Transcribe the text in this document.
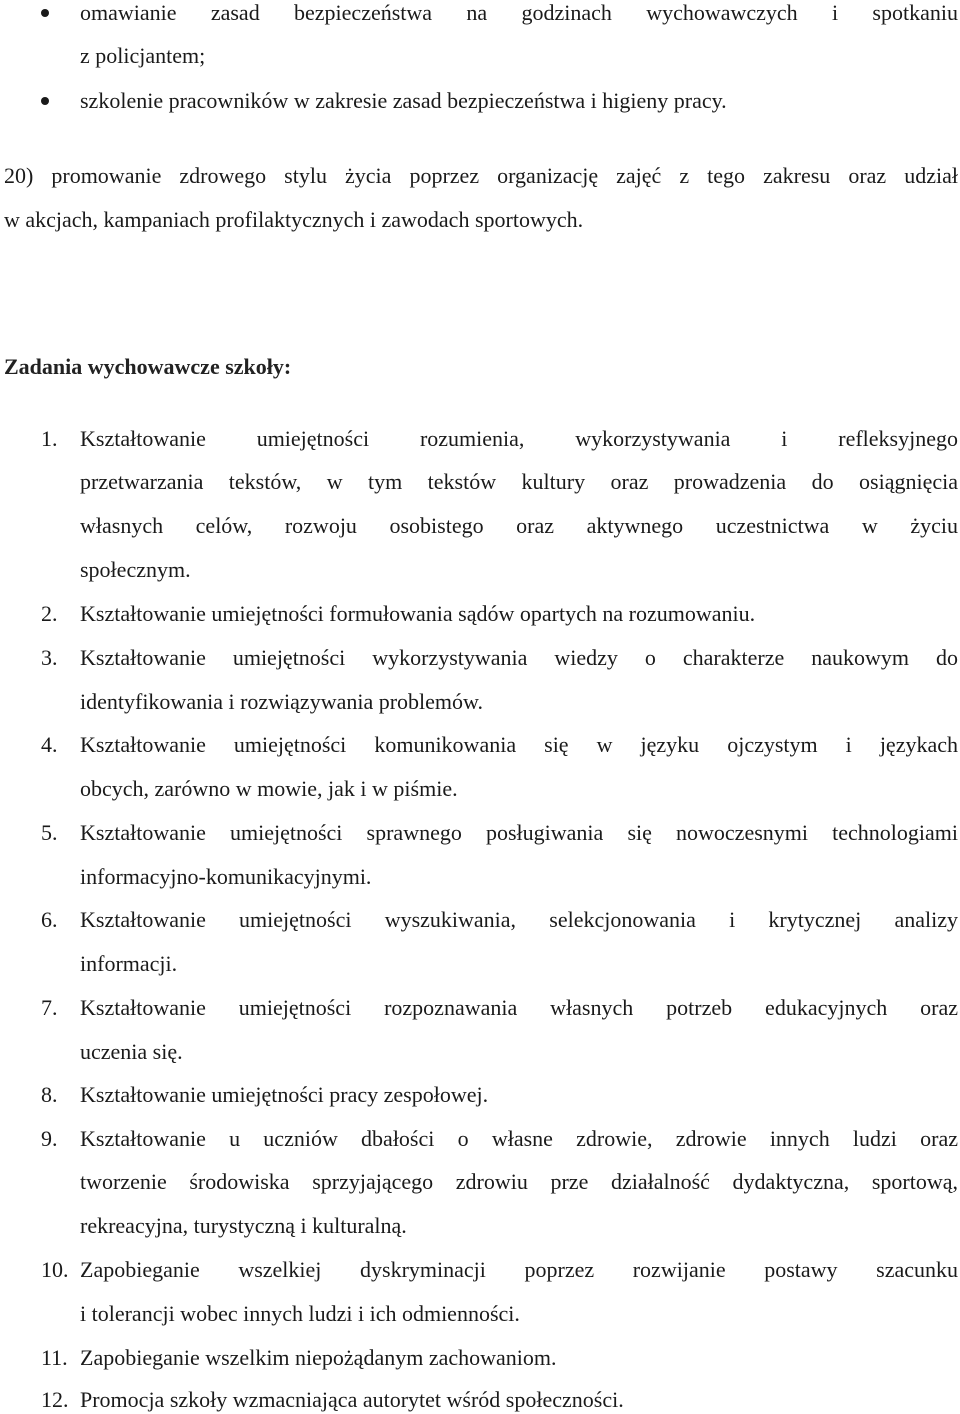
omawianie zasad bezpieczeństwa na godzinach wychowawczych i spotkaniu
z policjantem;
szkolenie pracowników w zakresie zasad bezpieczeństwa i higieny pracy.
20) promowanie zdrowego stylu życia poprzez organizację zajęć z tego zakresu oraz udział
w akcjach, kampaniach profilaktycznych i zawodach sportowych.
Zadania wychowawcze szkoły:
1. Kształtowanie umiejętności rozumienia, wykorzystywania i refleksyjnego
przetwarzania tekstów, w tym tekstów kultury oraz prowadzenia do osiągnięcia
własnych celów, rozwoju osobistego oraz aktywnego uczestnictwa w życiu
społecznym.
2. Kształtowanie umiejętności formułowania sądów opartych na rozumowaniu.
3. Kształtowanie umiejętności wykorzystywania wiedzy o charakterze naukowym do
identyfikowania i rozwiązywania problemów.
4. Kształtowanie umiejętności komunikowania się w języku ojczystym i językach
obcych, zarówno w mowie, jak i w piśmie.
5. Kształtowanie umiejętności sprawnego posługiwania się nowoczesnymi technologiami
informacyjno-komunikacyjnymi.
6. Kształtowanie umiejętności wyszukiwania, selekcjonowania i krytycznej analizy
informacji.
7. Kształtowanie umiejętności rozpoznawania własnych potrzeb edukacyjnych oraz
uczenia się.
8. Kształtowanie umiejętności pracy zespołowej.
9. Kształtowanie u uczniów dbałości o własne zdrowie, zdrowie innych ludzi oraz
tworzenie środowiska sprzyjającego zdrowiu prze działalność dydaktyczna, sportową,
rekreacyjna, turystyczną i kulturalną.
10. Zapobieganie wszelkiej dyskryminacji poprzez rozwijanie postawy szacunku
i tolerancji wobec innych ludzi i ich odmienności.
11. Zapobieganie wszelkim niepożądanym zachowaniom.
12. Promocja szkoły wzmacniająca autorytet wśród społeczności.
